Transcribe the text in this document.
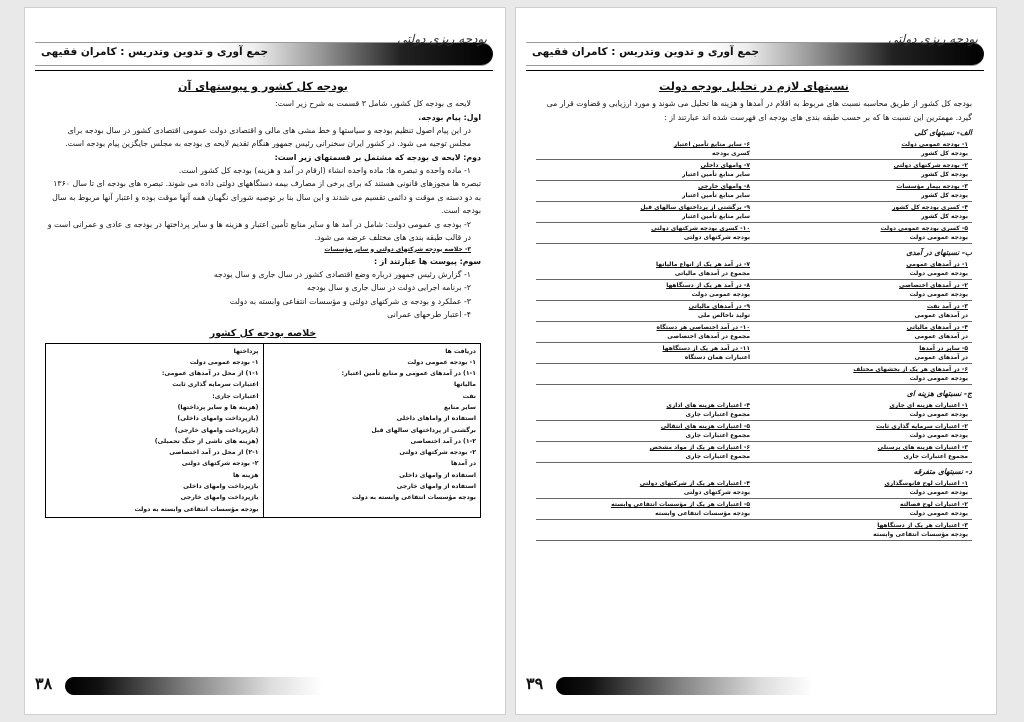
جمع آوری و تدوین وتدریس : کامران فقیهی
بودجه ریزی دولتی
بودجه کل کشور و پیوستهای آن
لایحه ی بودجه کل کشور، شامل ۳ قسمت به شرح زیر است:
اول: پیام بودجه.
در این پیام اصول تنظیم بودجه و سیاستها و خط مشی های مالی و اقتصادی دولت عمومی اقتصادی کشور در سال بودجه برای مجلس توجیه می شود. در کشور ایران سخنرانی رئیس جمهور هنگام تقدیم لایحه ی بودجه به مجلس جایگزین پیام بودجه است.
دوم: لایحه ی بودجه که مشتمل بر قسمتهای زیر است:
۱- ماده واحده و تبصره ها: ماده واحده انشاء (ارقام در آمد و هزینه) بودجه کل کشور است.
تبصره ها مجوزهای قانونی هستند که برای برخی از مصارف بیمه دستگاههای دولتی داده می شوند. تبصره های بودجه ای تا سال ۱۳۶۰ به دو دسته ی موقت و دائمی تقسیم می شدند و این سال بنا بر توصیه شورای نگهبان همه آنها موقت بوده و اعتبار آنها مربوط به سال بودجه است.
۲- بودجه ی عمومی دولت: شامل در آمد ها و سایر منابع تأمین اعتبار و هزینه ها و سایر پرداختها در بودجه ی عادی و عمرانی است و در قالب طبقه بندی های مختلف عرضه می شود.
۳- خلاصه بودجه شرکتهای دولتی و سایر مؤسسات
سوم: پیوست ها عبارتند از :
۱- گزارش رئیس جمهور درباره وضع اقتصادی کشور در سال جاری و سال بودجه
۲- برنامه اجرایی دولت در سال جاری و سال بودجه
۳- عملکرد و بودجه ی شرکتهای دولتی و مؤسسات انتفاعی وابسته به دولت
۴- اعتبار طرحهای عمرانی
خلاصه بودجه کل کشور
دریافت ها
۱- بودجه عمومی دولت
۱-۱) در آمدهای عمومی و منابع تأمین اعتبار:
مالیاتها
نفت
سایر منابع
استفاده از واماهای داخلی
برگشتی از پرداختهای سالهای قبل
۱-۲) در آمد اختصاصی
۲- بودجه شرکتهای دولتی
در آمدها
استفاده از وامهای داخلی
استفاده از وامهای خارجی
بودجه مؤسسات انتفاعی وابسته به دولت
پرداختها
۱- بودجه عمومی دولت
۱-۱) از محل در آمدهای عمومی:
اعتبارات سرمایه گذاری ثابت
اعتبارات جاری:
(هزینه ها و سایر پرداختها)
(بازپرداخت وامهای داخلی)
(بازپرداخت وامهای خارجی)
(هزینه های ناشی از جنگ تحمیلی)
۲-۱) از محل در آمد اختصاصی
۲- بودجه شرکتهای دولتی
هزینه ها
بازپرداخت وامهای داخلی
بازپرداخت وامهای خارجی
بودجه مؤسسات انتفاعی وابسته به دولت
۳۸
جمع آوری و تدوین وتدریس : کامران فقیهی
بودجه ریزی دولتی
نسبتهای لازم در تحلیل بودجه دولت
بودجه کل کشور از طریق محاسبه نسبت های مربوط به اقلام در آمدها و هزینه ها تحلیل می شوند و مورد ارزیابی و قضاوت قرار می گیرد. مهمترین این نسبت ها که بر حسب طبقه بندی های بودجه ای فهرست شده اند عبارتند از :
الف- نسبتهای کلی
۱- بودجه عمومی دولت
بودجه کل کشور
۶- سایر منابع تأمین اعتبار
کسری بودجه
۲- بودجه شرکتهای دولتی
بودجه کل کشور
۷- وامهای داخلی
سایر منابع تأمین اعتبار
۳- بودجه بیمار مؤسسات
بودجه کل کشور
۸- وامهای خارجی
سایر منابع تأمین اعتبار
۴- کسری بودجه کل کشور
بودجه کل کشور
۹- برگشتی از پرداختهای سالهای قبل
سایر منابع تأمین اعتبار
۵- کسری بودجه عمومی دولت
بودجه عمومی دولت
۱۰- کسری بودجه شرکتهای دولتی
بودجه شرکتهای دولتی
ب- نسبتهای در آمدی
۱- در آمدهای عمومی
بودجه عمومی دولت
۷- در آمد هر یک از انواع مالیاتها
مجموع در آمدهای مالیاتی
۲- در آمدهای اختصاصی
بودجه عمومی دولت
۸- در آمد هر یک از دستگاهها
بودجه عمومی دولت
۳- در آمد نفت
در آمدهای عمومی
۹- در آمدهای مالیاتی
تولید ناخالص ملی
۴- در آمدهای مالیاتی
در آمدهای عمومی
۱۰- در آمد اختصاصی هر دستگاه
مجموع در آمدهای اختصاصی
۵- سایر در آمدها
در آمدهای عمومی
۱۱- در آمد هر یک از دستگاهها
اعتبارات همان دستگاه
۶- در آمدهای هر یک از بخشهای مختلف
بودجه عمومی دولت
ج- نسبتهای هزینه ای
۱- اعتبارات هزینه ای جاری
بودجه عمومی دولت
۴- اعتبارات هزینه های اداری
مجموع اعتبارات جاری
۲- اعتبارات سرمایه گذاری ثابت
بودجه عمومی دولت
۵- اعتبارات هزینه های انتقالی
مجموع اعتبارات جاری
۳- اعتبارات هزینه های پرسنلی
مجموع اعتبارات جاری
۶- اعتبارات هر یک از مواد مشخص
مجموع اعتبارات جاری
د- نسبتهای متفرقه
۱- اعتبارات لوح فانوسگذاری
بودجه عمومی دولت
۴- اعتبارات هر یک از شرکتهای دولتی
بودجه شرکتهای دولتی
۲- اعتبارات لوح فصالته
بودجه عمومی دولت
۵- اعتبارات هر یک از مؤسسات انتفاعی وابسته
بودجه مؤسسات انتفاعی وابسته
۳- اعتبارات هر یک از دستگاهها
بودجه مؤسسات انتفاعی وابسته
۳۹
